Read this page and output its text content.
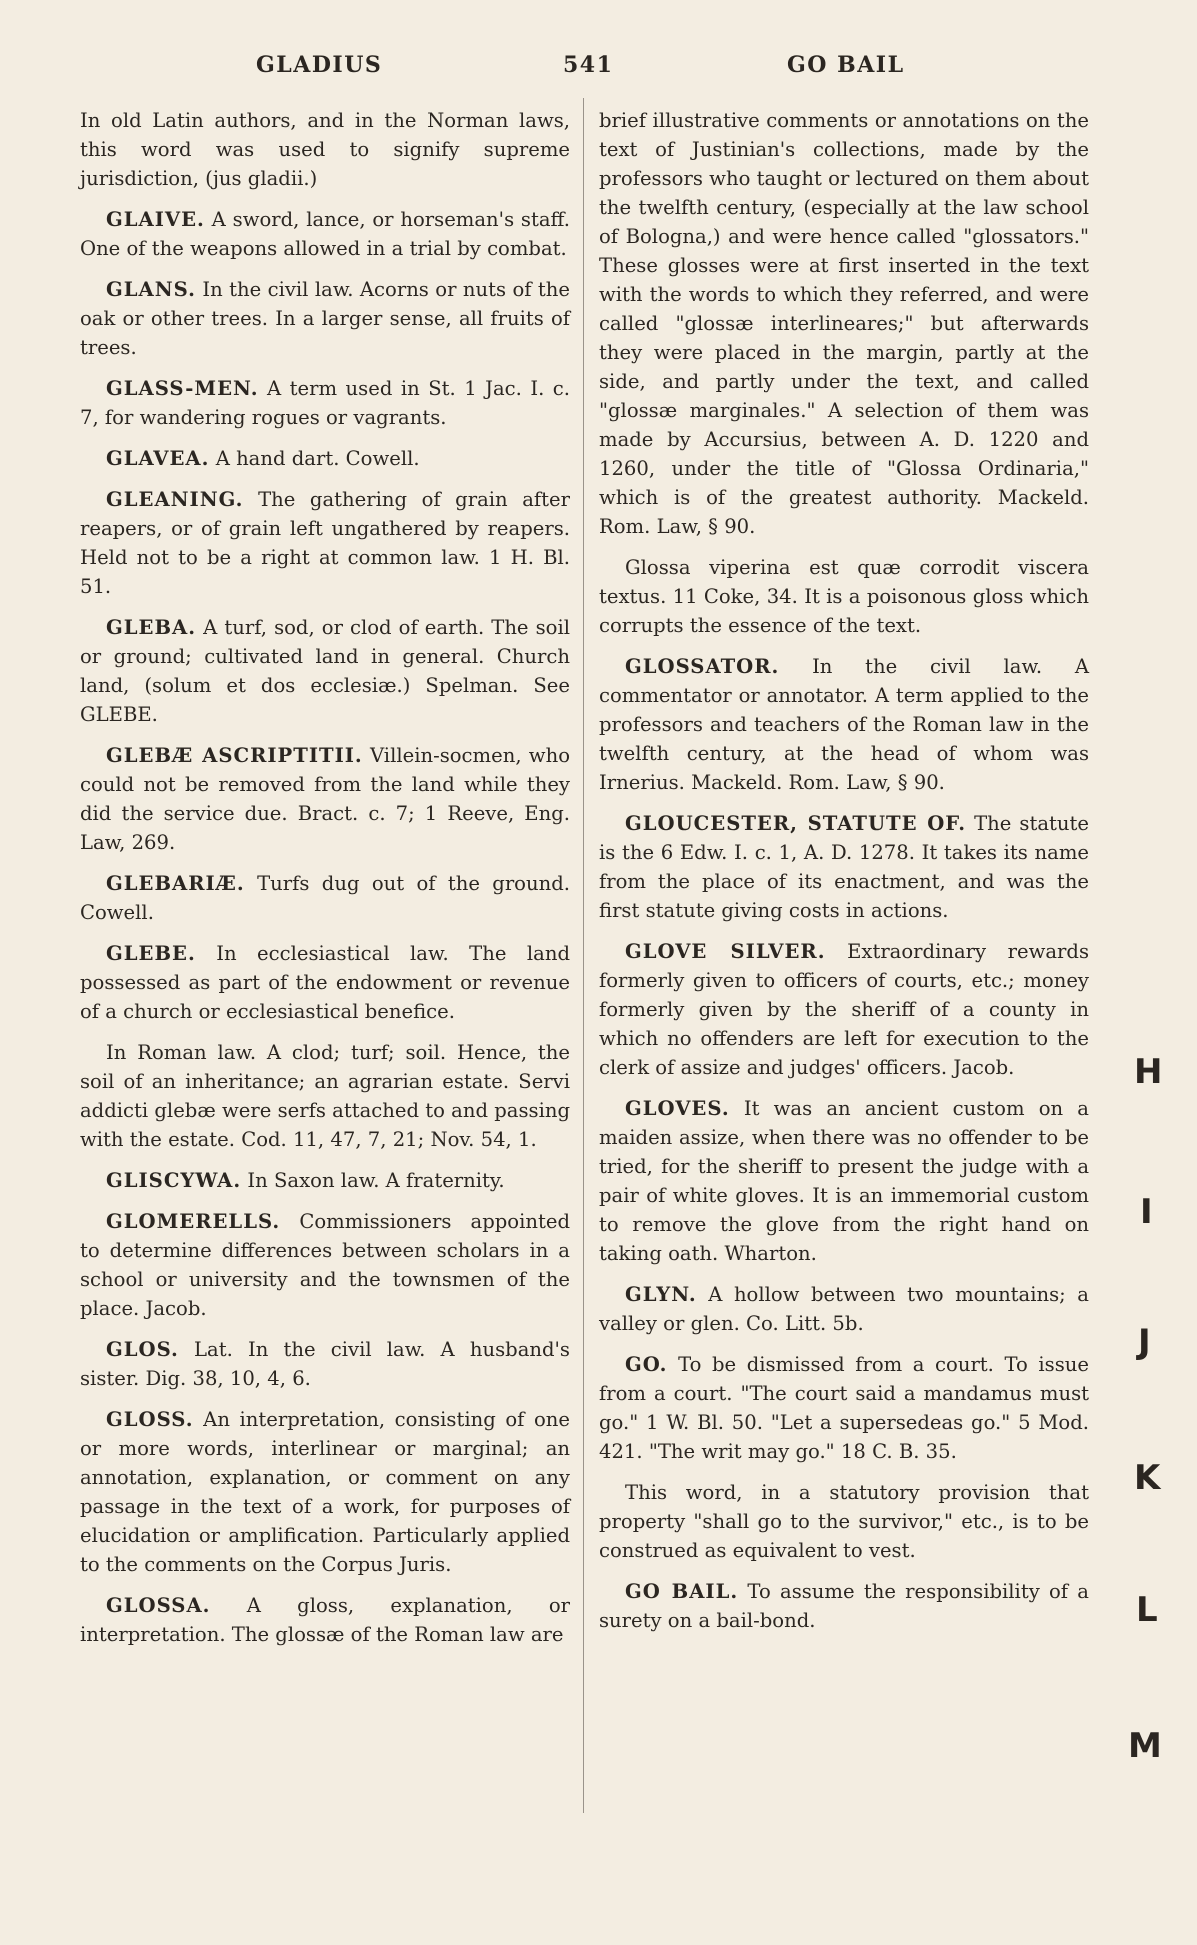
GLADIUS	541	GO BAIL

In old Latin authors, and in the Norman laws, this word was used to signify supreme jurisdiction, (jus gladii.)

GLAIVE. A sword, lance, or horseman's staff. One of the weapons allowed in a trial by combat.

GLANS. In the civil law. Acorns or nuts of the oak or other trees. In a larger sense, all fruits of trees.

GLASS-MEN. A term used in St. 1 Jac. I. c. 7, for wandering rogues or vagrants.

GLAVEA. A hand dart. Cowell.

GLEANING. The gathering of grain after reapers, or of grain left ungathered by reapers. Held not to be a right at common law. 1 H. Bl. 51.

GLEBA. A turf, sod, or clod of earth. The soil or ground; cultivated land in general. Church land, (solum et dos ecclesiæ.) Spelman. See GLEBE.

GLEBÆ ASCRIPTITII. Villein-socmen, who could not be removed from the land while they did the service due. Bract. c. 7; 1 Reeve, Eng. Law, 269.

GLEBARIÆ. Turfs dug out of the ground. Cowell.

GLEBE. In ecclesiastical law. The land possessed as part of the endowment or revenue of a church or ecclesiastical benefice.

In Roman law. A clod; turf; soil. Hence, the soil of an inheritance; an agrarian estate. Servi addicti glebæ were serfs attached to and passing with the estate. Cod. 11, 47, 7, 21; Nov. 54, 1.

GLISCYWA. In Saxon law. A fraternity.

GLOMERELLS. Commissioners appointed to determine differences between scholars in a school or university and the townsmen of the place. Jacob.

GLOS. Lat. In the civil law. A husband's sister. Dig. 38, 10, 4, 6.

GLOSS. An interpretation, consisting of one or more words, interlinear or marginal; an annotation, explanation, or comment on any passage in the text of a work, for purposes of elucidation or amplification. Particularly applied to the comments on the Corpus Juris.

GLOSSA. A gloss, explanation, or interpretation. The glossæ of the Roman law are

brief illustrative comments or annotations on the text of Justinian's collections, made by the professors who taught or lectured on them about the twelfth century, (especially at the law school of Bologna,) and were hence called "glossators." These glosses were at first inserted in the text with the words to which they referred, and were called "glossæ interlineares;" but afterwards they were placed in the margin, partly at the side, and partly under the text, and called "glossæ marginales." A selection of them was made by Accursius, between A. D. 1220 and 1260, under the title of "Glossa Ordinaria," which is of the greatest authority. Mackeld. Rom. Law, § 90.

Glossa viperina est quæ corrodit viscera textus. 11 Coke, 34. It is a poisonous gloss which corrupts the essence of the text.

GLOSSATOR. In the civil law. A commentator or annotator. A term applied to the professors and teachers of the Roman law in the twelfth century, at the head of whom was Irnerius. Mackeld. Rom. Law, § 90.

GLOUCESTER, STATUTE OF. The statute is the 6 Edw. I. c. 1, A. D. 1278. It takes its name from the place of its enactment, and was the first statute giving costs in actions.

GLOVE SILVER. Extraordinary rewards formerly given to officers of courts, etc.; money formerly given by the sheriff of a county in which no offenders are left for execution to the clerk of assize and judges' officers. Jacob.

GLOVES. It was an ancient custom on a maiden assize, when there was no offender to be tried, for the sheriff to present the judge with a pair of white gloves. It is an immemorial custom to remove the glove from the right hand on taking oath. Wharton.

GLYN. A hollow between two mountains; a valley or glen. Co. Litt. 5b.

GO. To be dismissed from a court. To issue from a court. "The court said a mandamus must go." 1 W. Bl. 50. "Let a supersedeas go." 5 Mod. 421. "The writ may go." 18 C. B. 35.

This word, in a statutory provision that property "shall go to the survivor," etc., is to be construed as equivalent to vest.

GO BAIL. To assume the responsibility of a surety on a bail-bond.

H
I
J
K
L
M
